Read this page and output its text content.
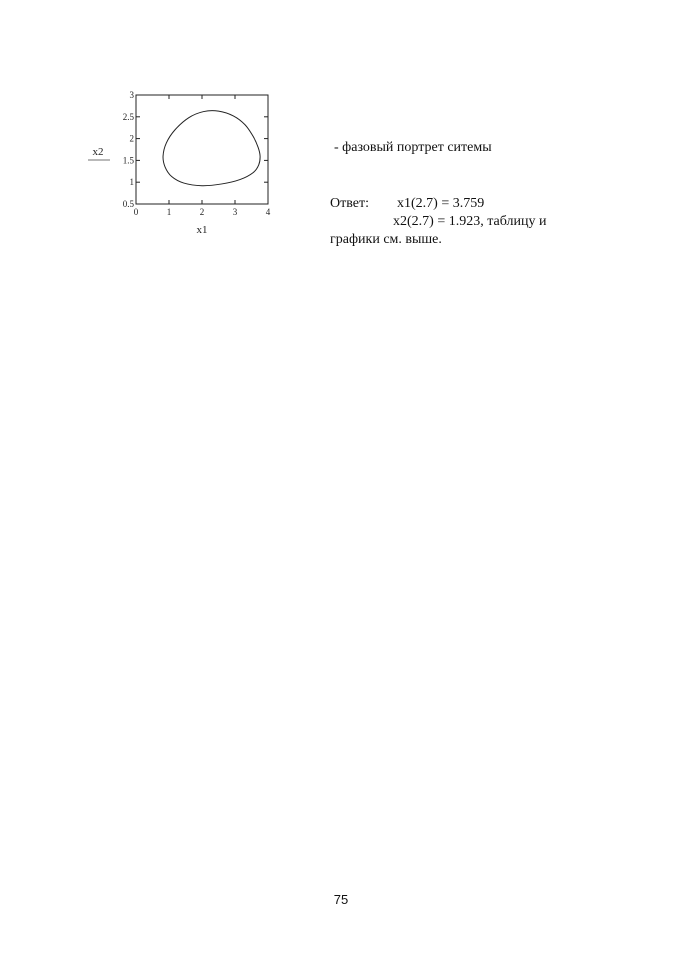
0	1	2	3	4
0.5
1
1.5
2
2.5
3
x1
x2	- фазовый портрет ситемы
Ответ: x1(2.7) = 3.759
x2(2.7) = 1.923, таблицу и
графики см. выше.
75
